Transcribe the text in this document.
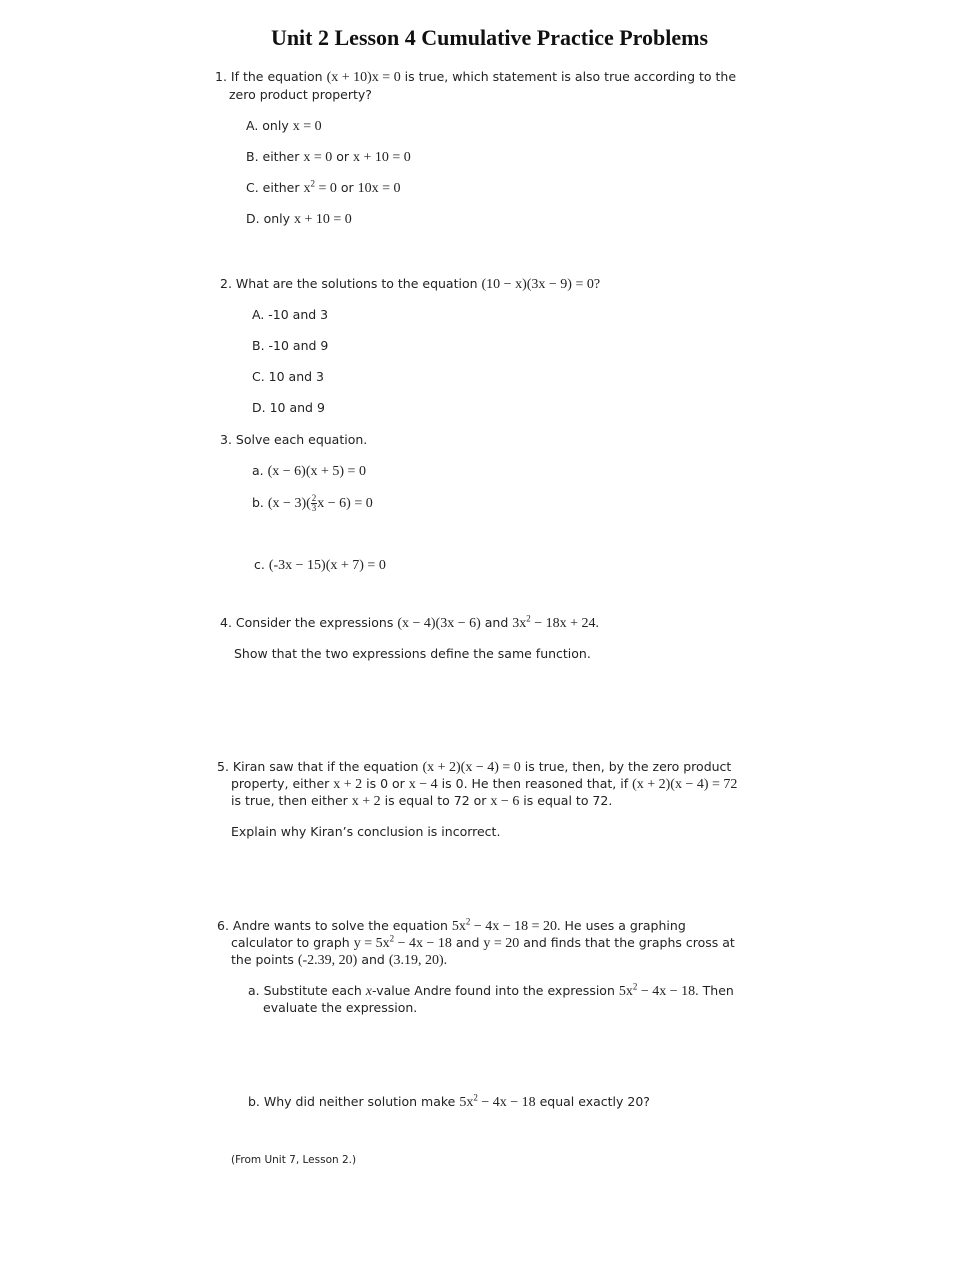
Unit 2 Lesson 4 Cumulative Practice Problems
1. If the equation (x + 10)x = 0 is true, which statement is also true according to the
zero product property?
A. only x = 0
B. either x = 0 or x + 10 = 0
C. either $x^2 = 0$ or 10x = 0
D. only x + 10 = 0
2. What are the solutions to the equation (10 − x)(3x − 9) = 0?
A. -10 and 3
B. -10 and 9
C. 10 and 3
D. 10 and 9
3. Solve each equation.
a. (x − 6)(x + 5) = 0
b. $(x - 3)( \frac{2}{3}$ x − 6) = 0
c. (-3x − 15)(x + 7) = 0
4. Consider the expressions (x − 4)(3x − 6) and $3x^2 - 18x + 24$.
Show that the two expressions define the same function.
5. Kiran saw that if the equation (x + 2)(x − 4) = 0 is true, then, by the zero product
property, either x + 2 is 0 or x − 4 is 0. He then reasoned that, if (x + 2)(x − 4) = 72
is true, then either x + 2 is equal to 72 or x − 6 is equal to 72.
Explain why Kiran’s conclusion is incorrect.
6. Andre wants to solve the equation $5x^2 - 4x - 18 = 20$. He uses a graphing
calculator to graph $y = 5x^2 - 4x - 18$ and y = 20 and finds that the graphs cross at
the points (-2.39, 20) and (3.19, 20).
a. Substitute each x-value Andre found into the expression $5x^2 - 4x - 18$. Then
evaluate the expression.
b. Why did neither solution make $5x^2 - 4x - 18$ equal exactly 20?
(From Unit 7, Lesson 2.)
